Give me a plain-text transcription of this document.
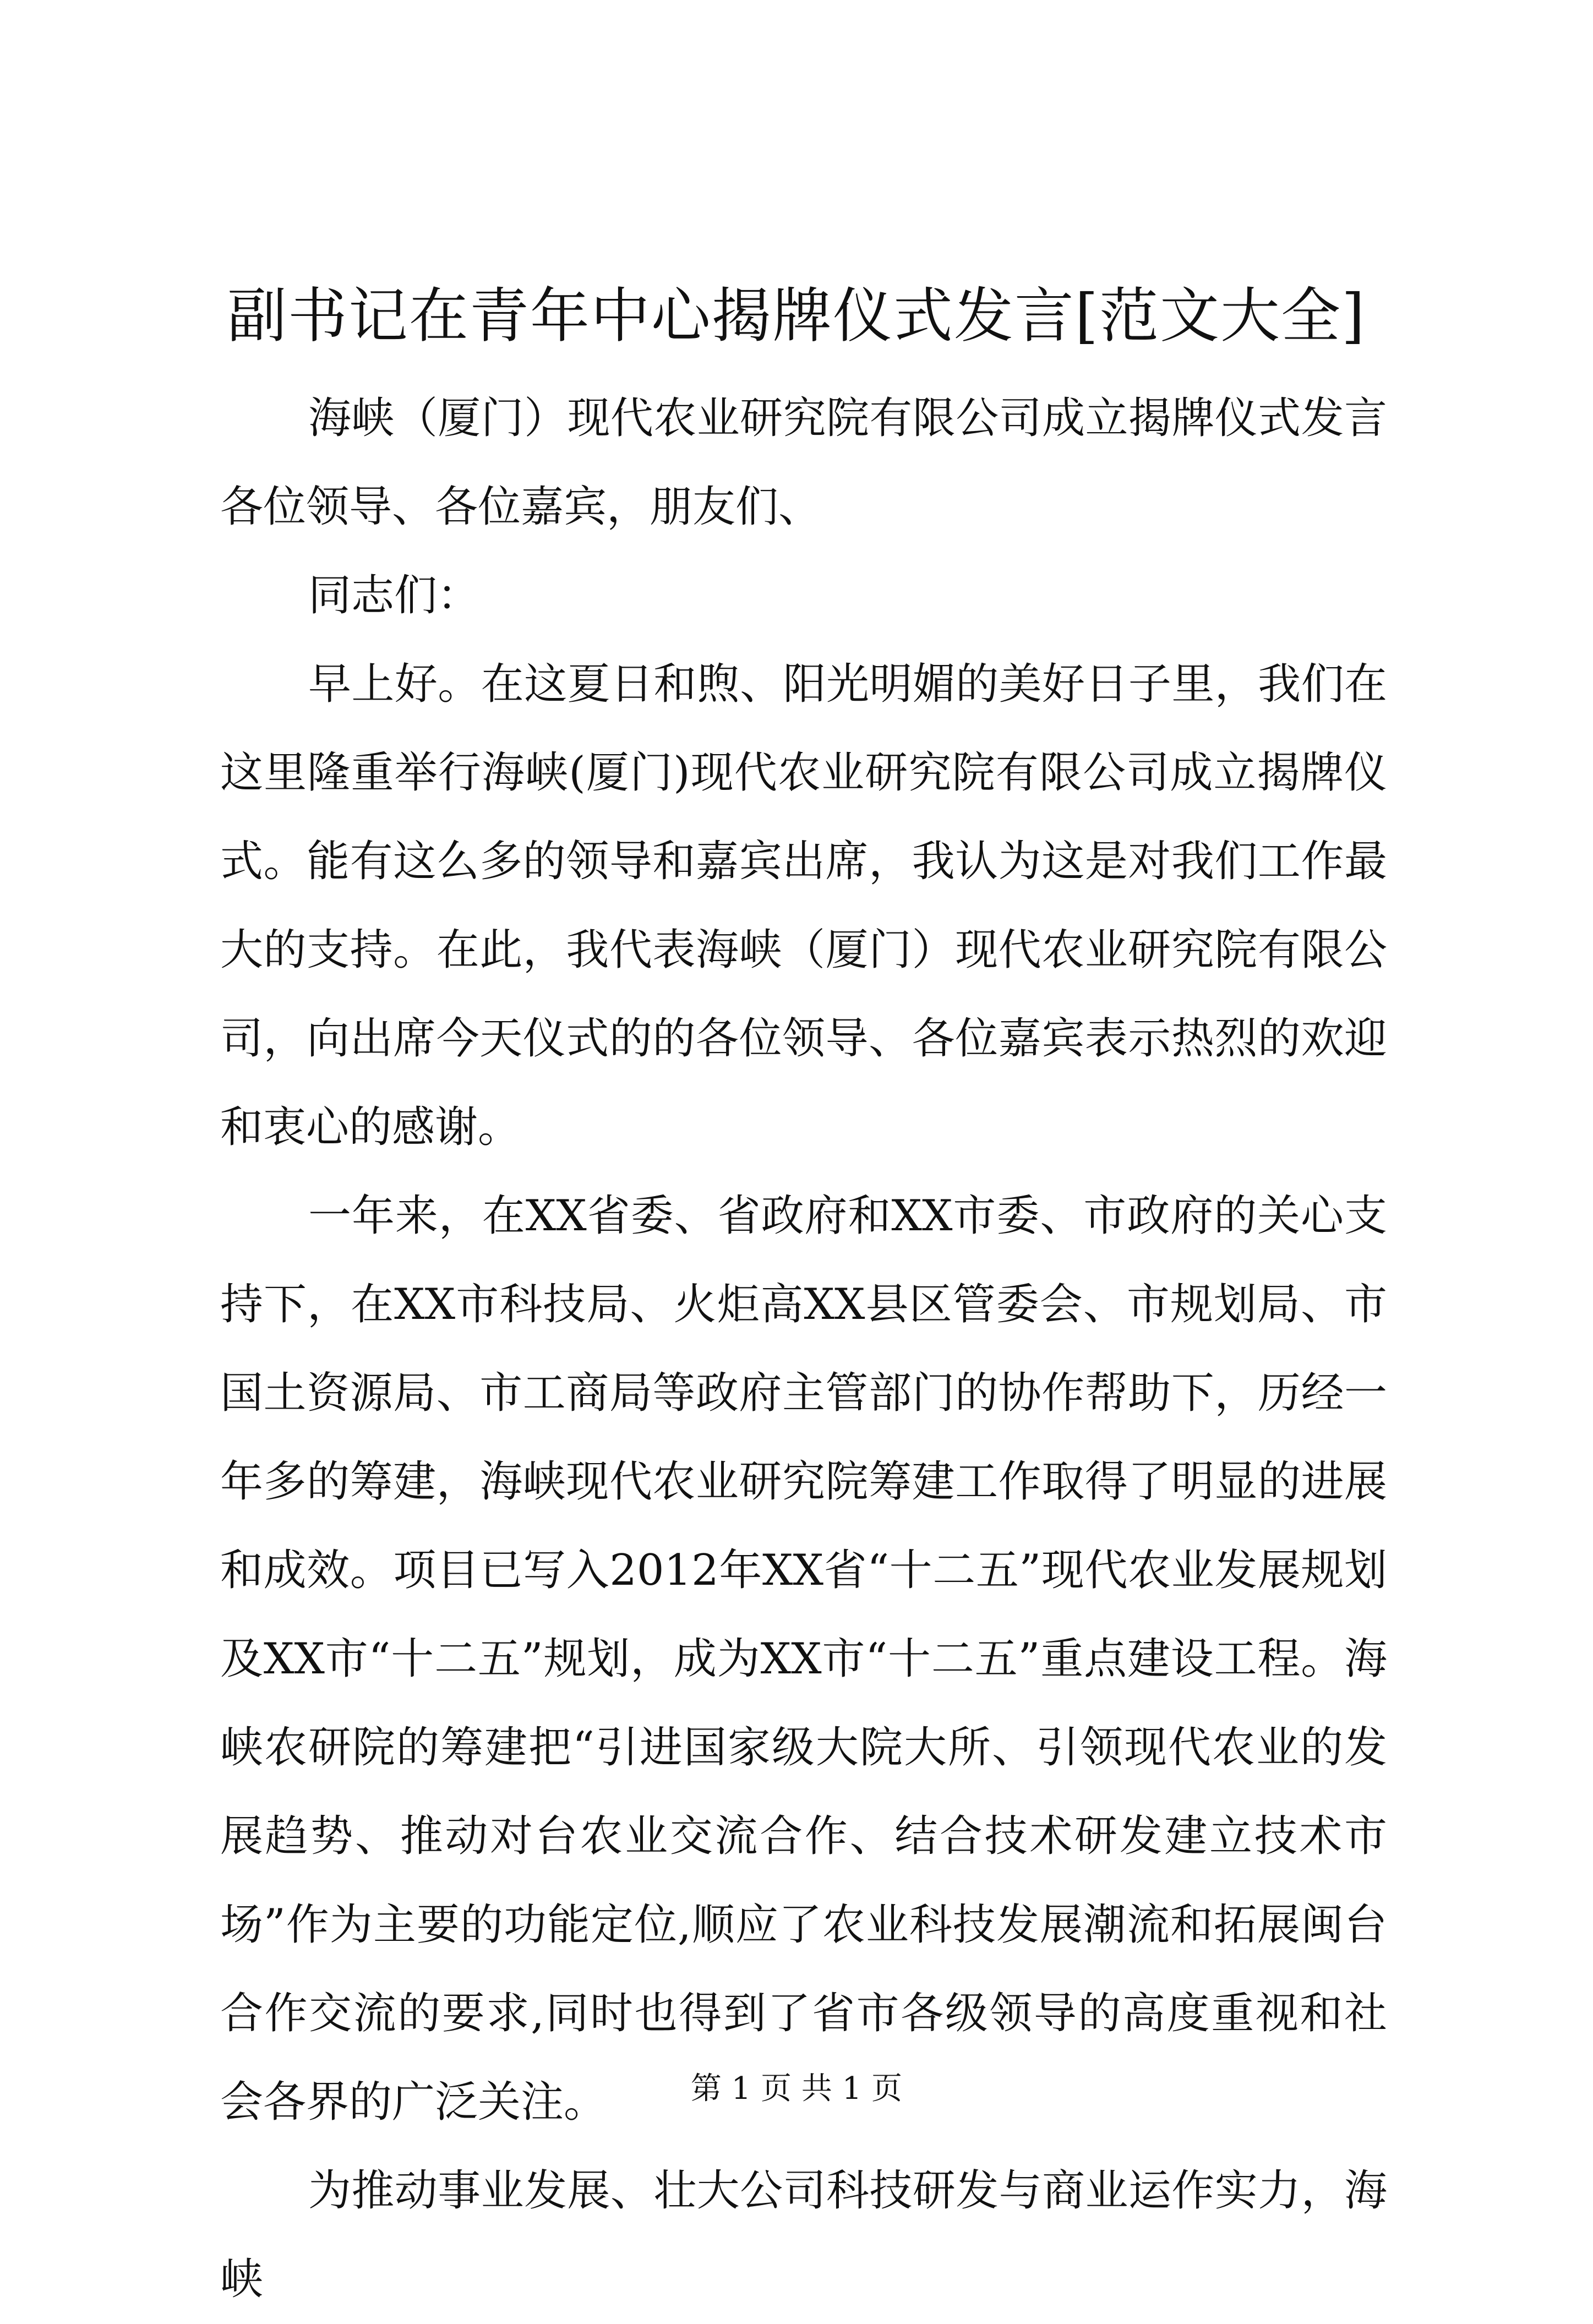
副书记在青年中心揭牌仪式发言[范文大全]

海峡（厦门）现代农业研究院有限公司成立揭牌仪式发言各位领导、各位嘉宾，朋友们、

同志们：

早上好。在这夏日和煦、阳光明媚的美好日子里，我们在这里隆重举行海峡(厦门)现代农业研究院有限公司成立揭牌仪式。能有这么多的领导和嘉宾出席，我认为这是对我们工作最大的支持。在此，我代表海峡（厦门）现代农业研究院有限公司，向出席今天仪式的的各位领导、各位嘉宾表示热烈的欢迎和衷心的感谢。

一年来，在XX省委、省政府和XX市委、市政府的关心支持下，在XX市科技局、火炬高XX县区管委会、市规划局、市国土资源局、市工商局等政府主管部门的协作帮助下，历经一年多的筹建，海峡现代农业研究院筹建工作取得了明显的进展和成效。项目已写入2012年XX省“十二五”现代农业发展规划及XX市“十二五”规划，成为XX市“十二五”重点建设工程。海峡农研院的筹建把“引进国家级大院大所、引领现代农业的发展趋势、推动对台农业交流合作、结合技术研发建立技术市场”作为主要的功能定位,顺应了农业科技发展潮流和拓展闽台合作交流的要求,同时也得到了省市各级领导的高度重视和社会各界的广泛关注。

为推动事业发展、壮大公司科技研发与商业运作实力，海峡

第 1 页 共 1 页
